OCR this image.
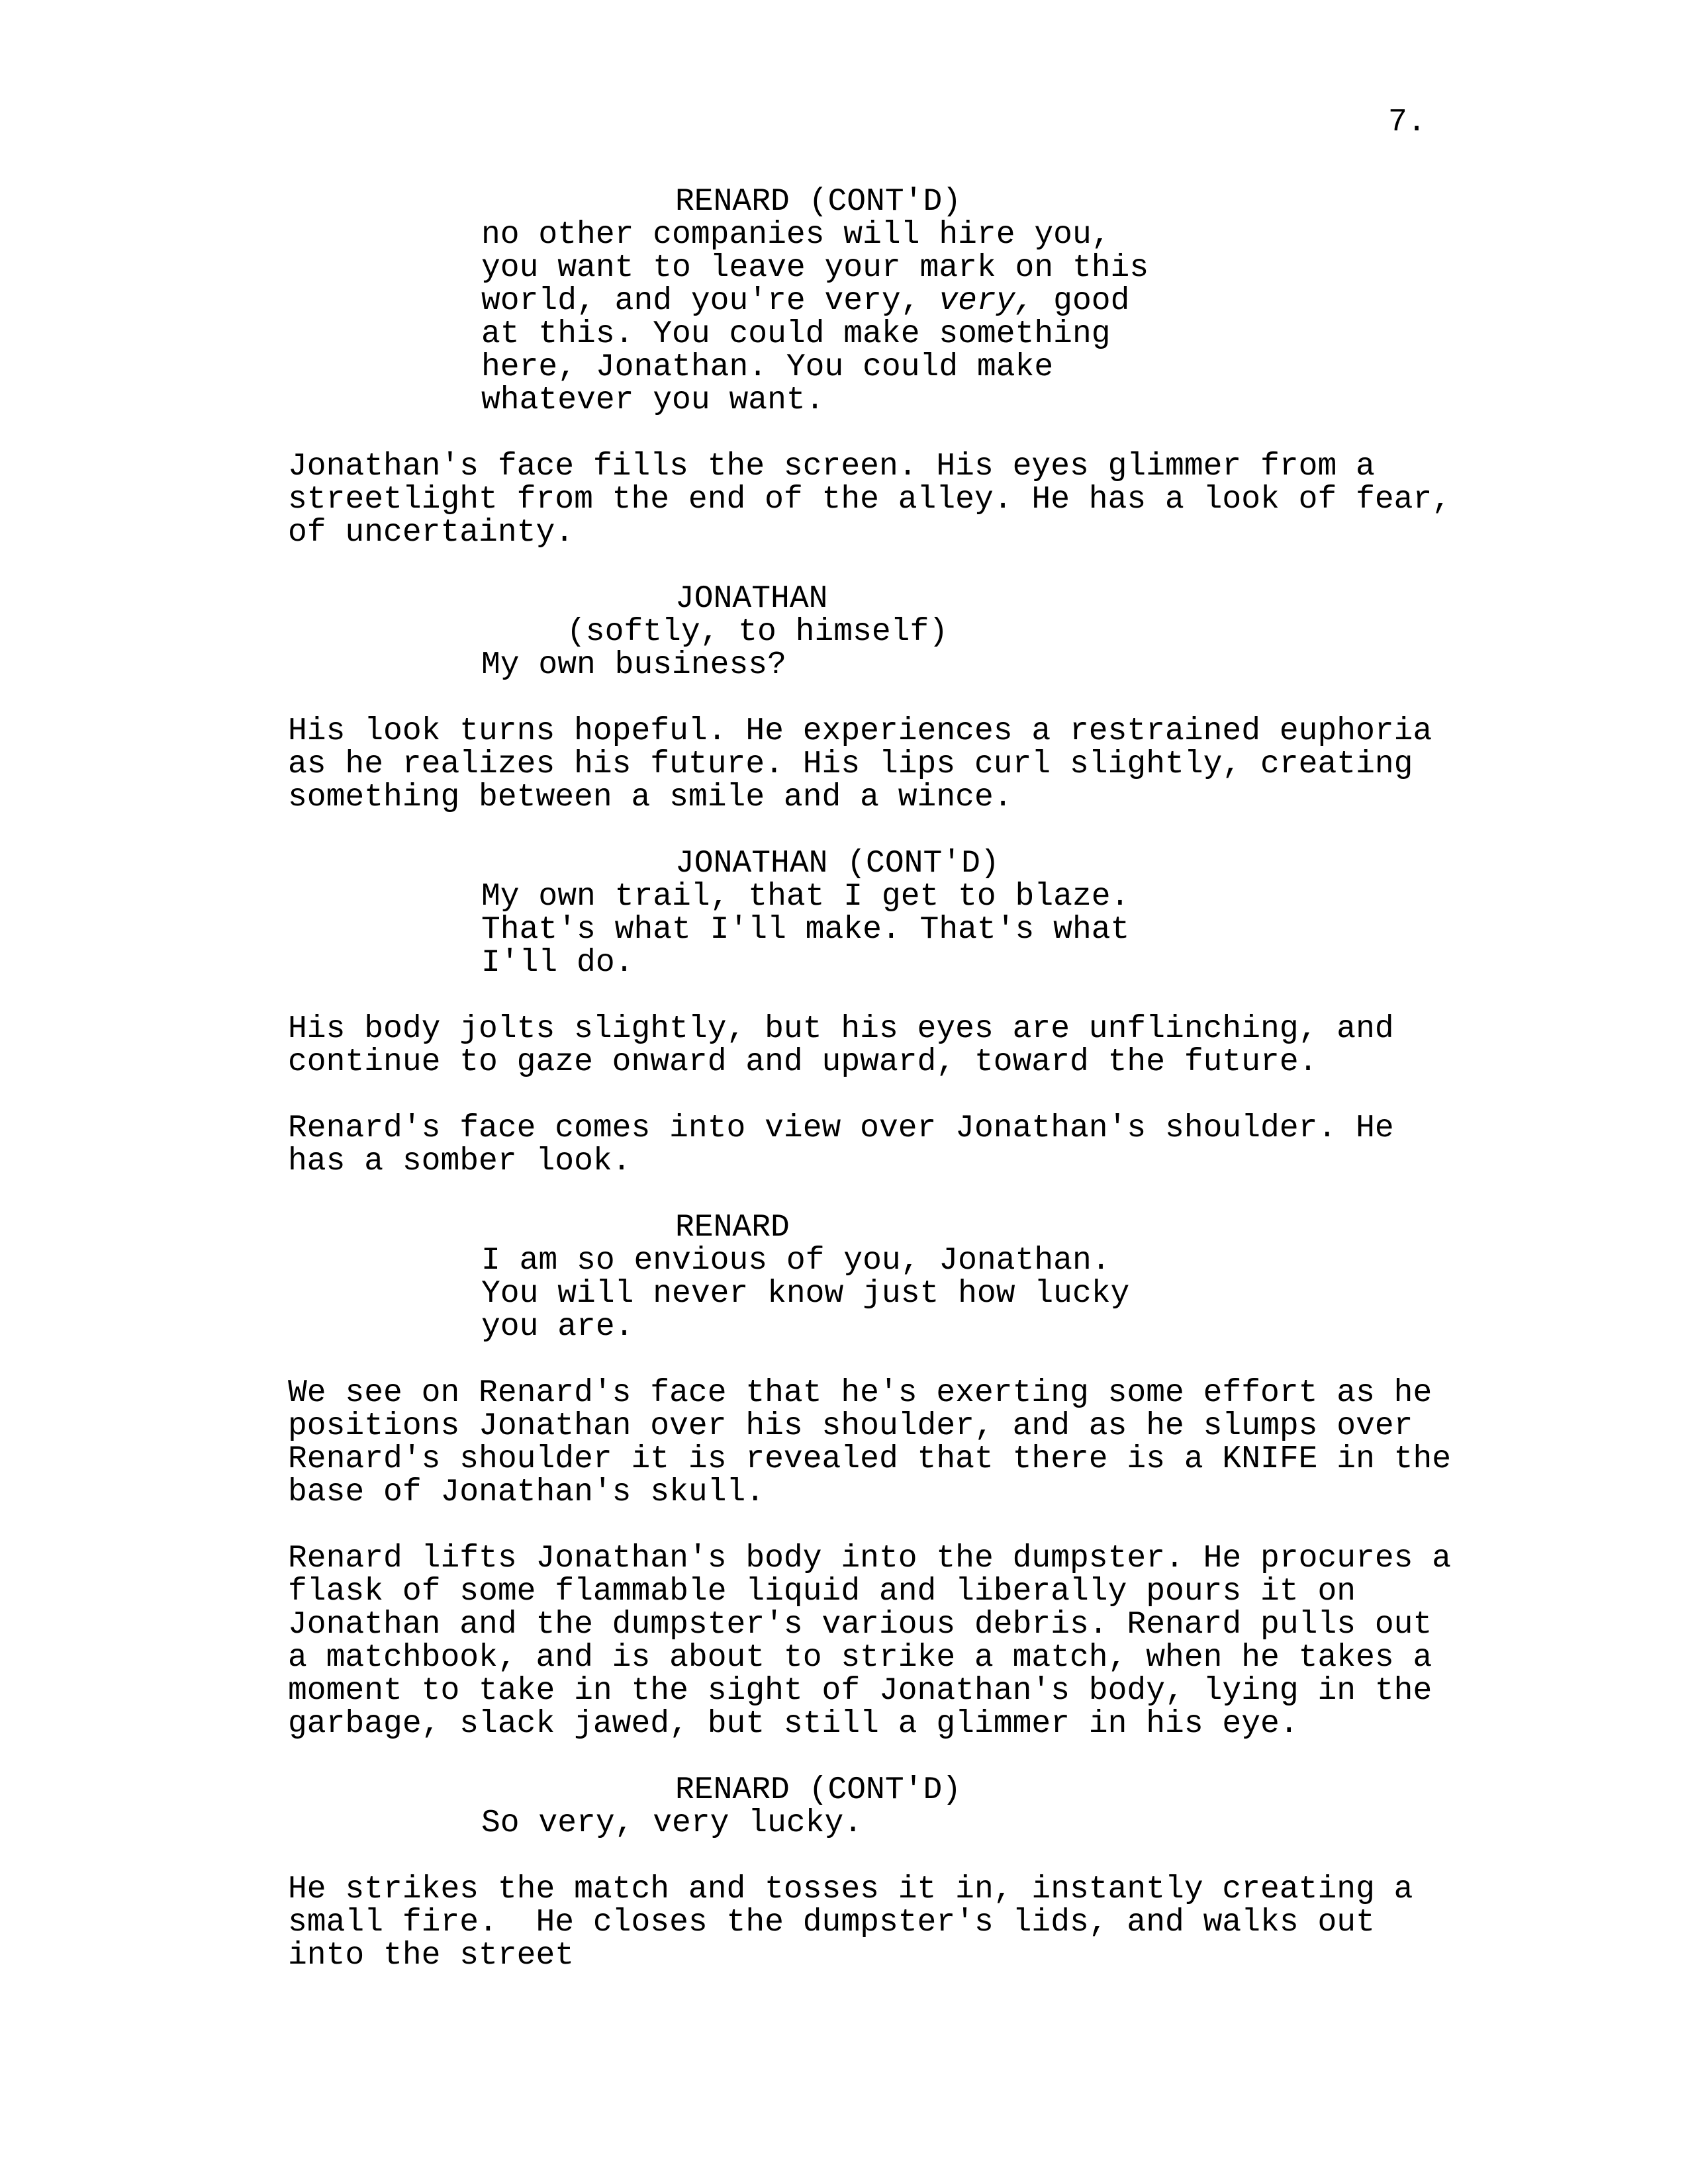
7.
RENARD (CONT'D)
no other companies will hire you,
you want to leave your mark on this
world, and you're very, very, good
at this. You could make something
here, Jonathan. You could make
whatever you want.
Jonathan's face fills the screen. His eyes glimmer from a
streetlight from the end of the alley. He has a look of fear,
of uncertainty.
JONATHAN
(softly, to himself)
My own business?
His look turns hopeful. He experiences a restrained euphoria
as he realizes his future. His lips curl slightly, creating
something between a smile and a wince.
JONATHAN (CONT'D)
My own trail, that I get to blaze.
That's what I'll make. That's what
I'll do.
His body jolts slightly, but his eyes are unflinching, and
continue to gaze onward and upward, toward the future.
Renard's face comes into view over Jonathan's shoulder. He
has a somber look.
RENARD
I am so envious of you, Jonathan.
You will never know just how lucky
you are.
We see on Renard's face that he's exerting some effort as he
positions Jonathan over his shoulder, and as he slumps over
Renard's shoulder it is revealed that there is a KNIFE in the
base of Jonathan's skull.
Renard lifts Jonathan's body into the dumpster. He procures a
flask of some flammable liquid and liberally pours it on
Jonathan and the dumpster's various debris. Renard pulls out
a matchbook, and is about to strike a match, when he takes a
moment to take in the sight of Jonathan's body, lying in the
garbage, slack jawed, but still a glimmer in his eye.
RENARD (CONT'D)
So very, very lucky.
He strikes the match and tosses it in, instantly creating a
small fire.  He closes the dumpster's lids, and walks out
into the street
